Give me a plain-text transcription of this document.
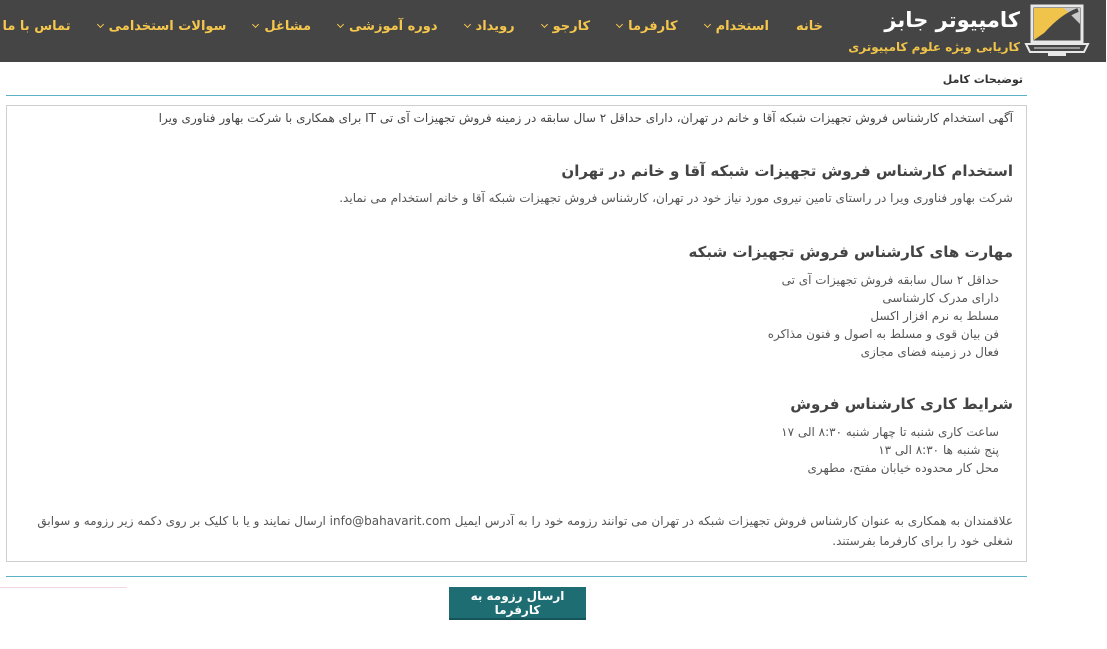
کامپیوتر جابز
کاریابی ویژه علوم کامپیوتری
خانه
استخدام
کارفرما
کارجو
رویداد
دوره آموزشی
مشاغل
سوالات استخدامی
تماس با ما
توضیحات کامل
آگهی استخدام کارشناس فروش تجهیزات شبکه آقا و خانم در تهران، دارای حداقل ۲ سال سابقه در زمینه فروش تجهیزات آی تی IT برای همکاری با شرکت بهاور فناوری ویرا
استخدام کارشناس فروش تجهیزات شبکه آقا و خانم در تهران
شرکت بهاور فناوری ویرا در راستای تامین نیروی مورد نیاز خود در تهران، کارشناس فروش تجهیزات شبکه آقا و خانم استخدام می نماید.
مهارت های کارشناس فروش تجهیزات شبکه
حداقل ۲ سال سابقه فروش تجهیزات آی تی
دارای مدرک کارشناسی
مسلط به نرم افزار اکسل
فن بیان قوی و مسلط به اصول و فنون مذاکره
فعال در زمینه فضای مجازی
شرایط کاری کارشناس فروش
ساعت کاری شنبه تا چهار شنبه ۸:۳۰ الی ۱۷
پنج شنبه ها ۸:۳۰ الی ۱۳
محل کار محدوده خیابان مفتح، مطهری
علاقمندان به همکاری به عنوان کارشناس فروش تجهیزات شبکه در تهران می توانند رزومه خود را به آدرس ایمیل info@bahavarit.com ارسال نمایند و یا با کلیک بر روی دکمه زیر رزومه و سوابق شغلی خود را برای کارفرما بفرستند.
ارسال رزومه به کارفرما
